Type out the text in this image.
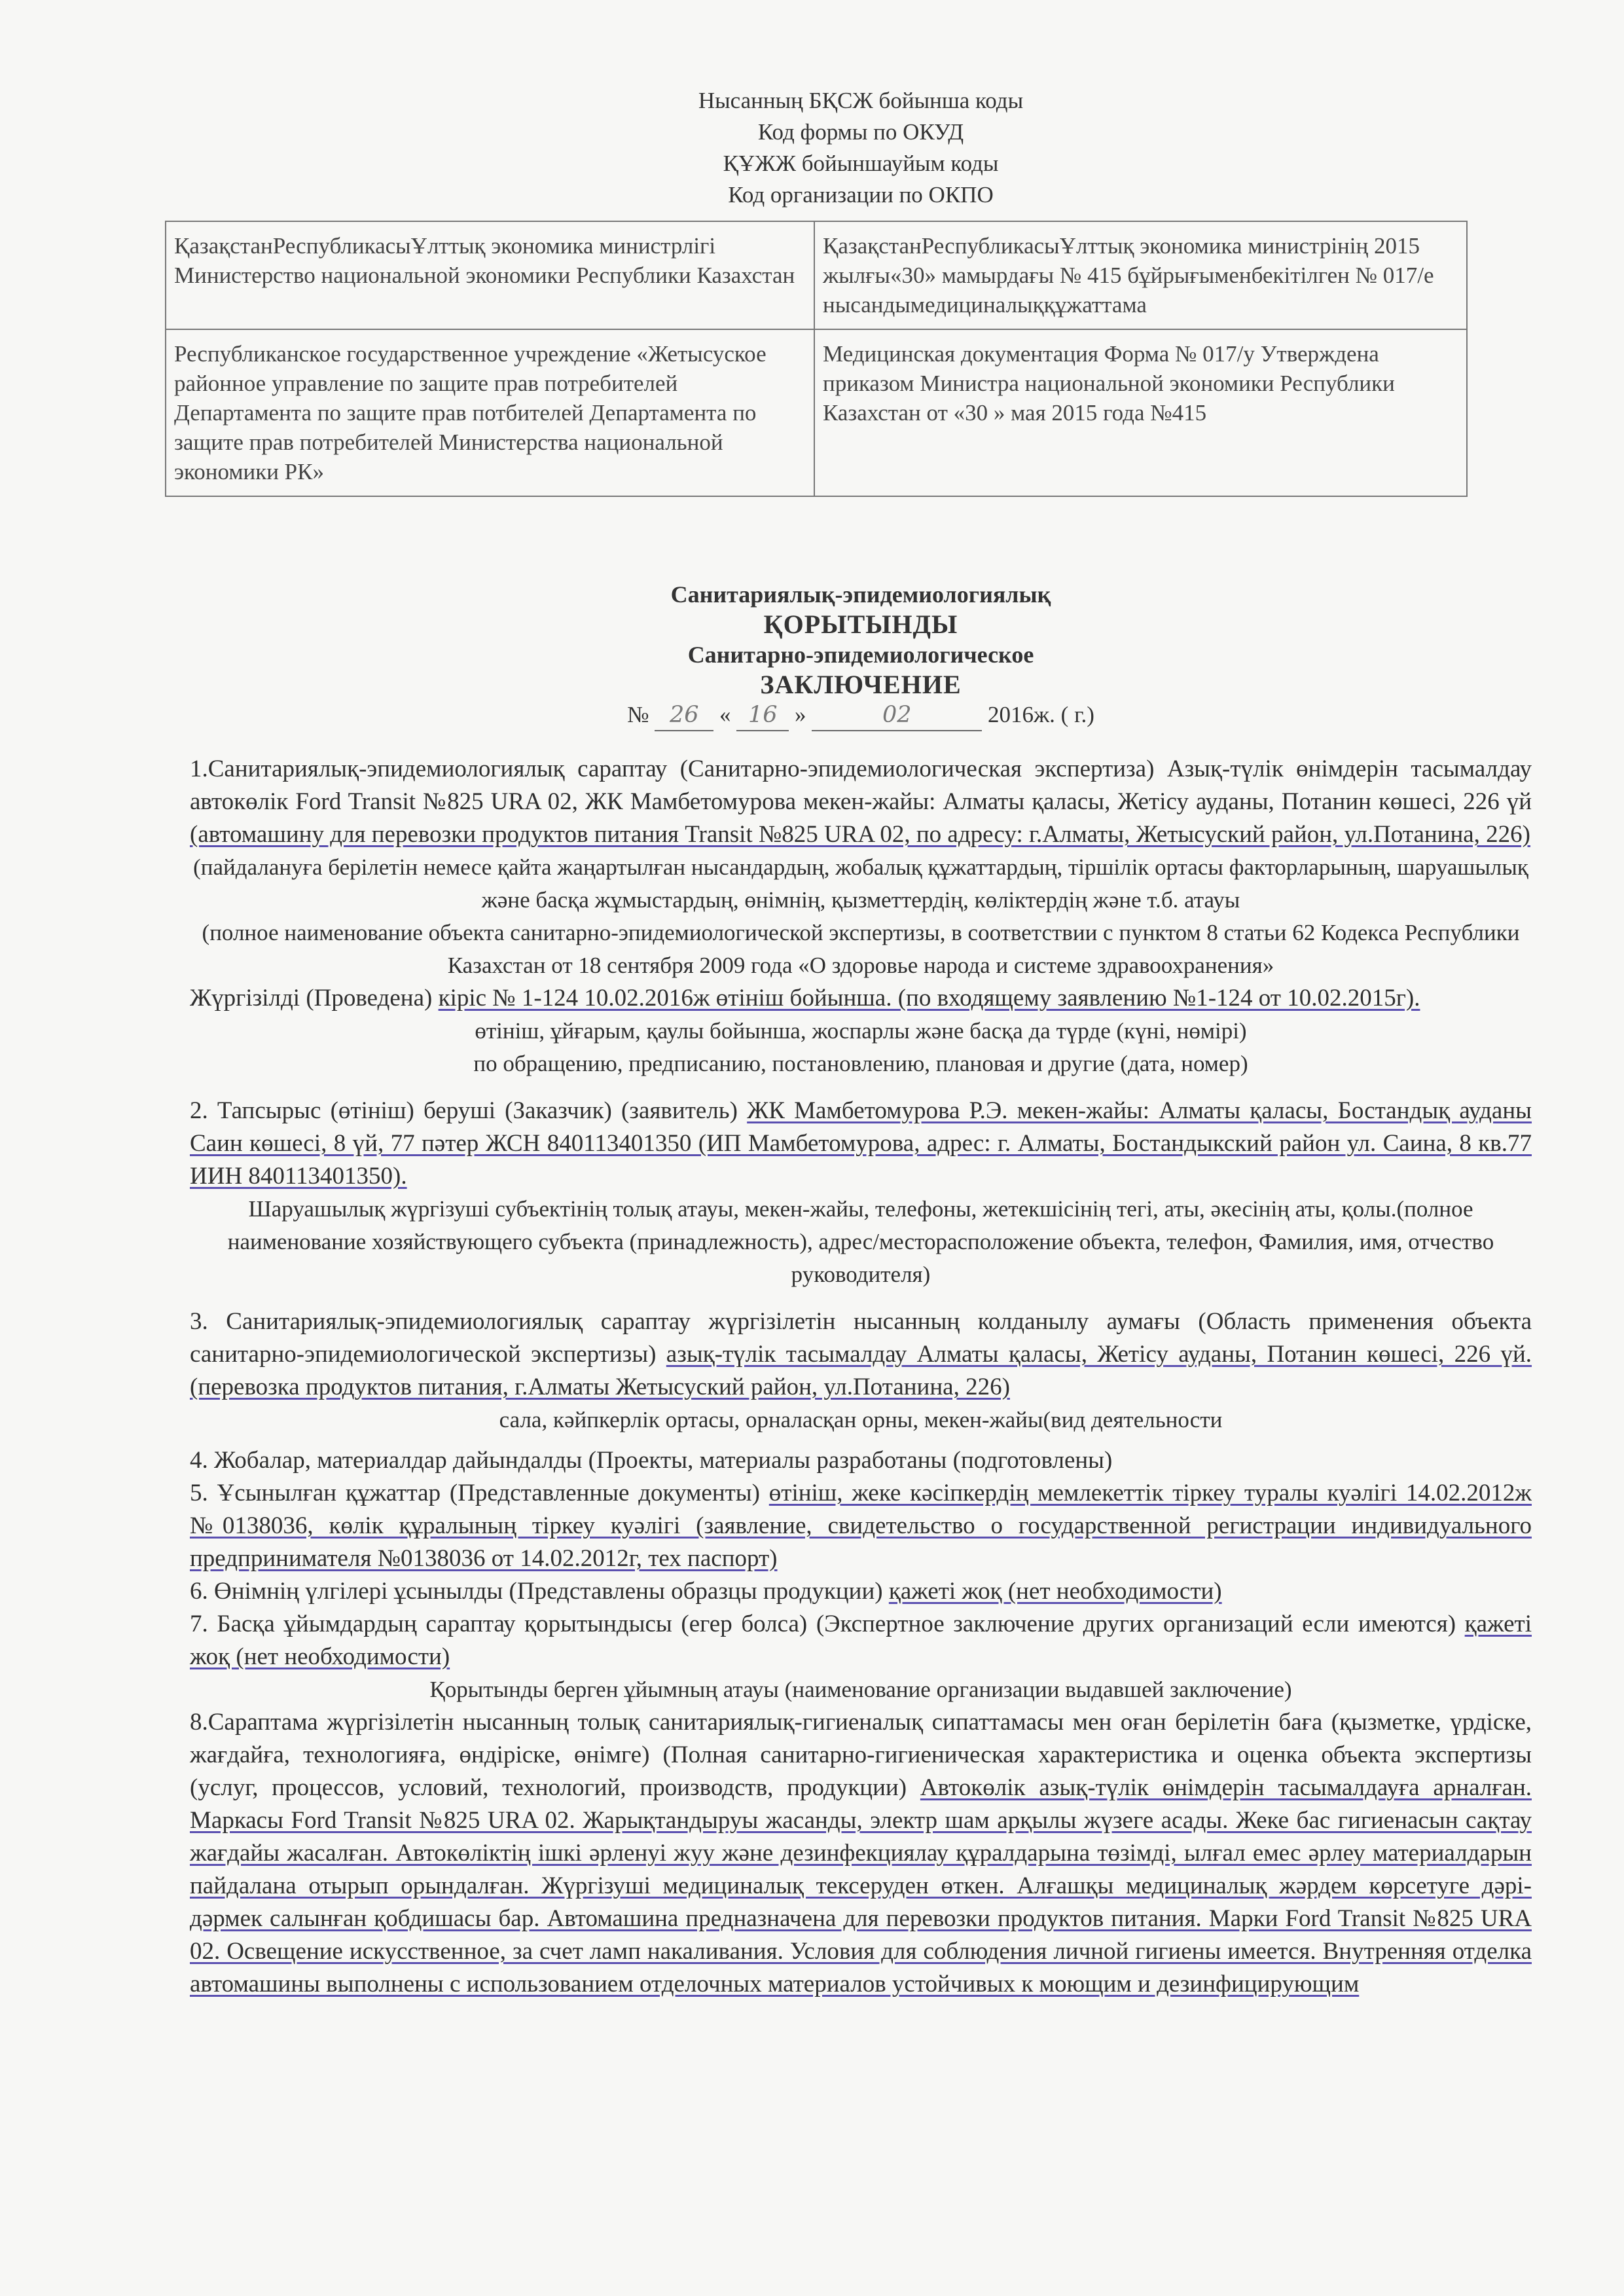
Нысанның БҚСЖ бойынша коды
Код формы по ОКУД
ҚҰЖЖ бойыншауйым коды
Код организации по ОКПО
ҚазақстанРеспубликасыҰлттық экономика министрлігі Министерство национальной экономики Республики Казахстан	ҚазақстанРеспубликасыҰлттық экономика министрінің 2015 жылғы«30» мамырдағы № 415 бұйрығыменбекітілген № 017/е нысандымедициналыққұжаттама
Республиканское государственное учреждение «Жетысуское районное управление по защите прав потребителей Департамента по защите прав потбителей Департамента по защите прав потребителей Министерства национальной экономики РК»	Медицинская документация Форма № 017/у Утверждена приказом Министра национальной экономики Республики Казахстан от «30 » мая 2015 года №415
Санитариялық-эпидемиологиялық
ҚОРЫТЫНДЫ
Санитарно-эпидемиологическое
ЗАКЛЮЧЕНИЕ
№ 26 « 16 »	02	2016ж. ( г.)

1.Санитариялық-эпидемиологиялық сараптау (Санитарно-эпидемиологическая экспертиза) Азық-түлік өнімдерін тасымалдау автокөлік Ford Transit №825 URA 02, ЖК Мамбетомурова мекен-жайы: Алматы қаласы, Жетісу ауданы, Потанин көшесі, 226 үй (автомашину для перевозки продуктов питания Transit №825 URA 02, по адресу: г.Алматы, Жетысуский район, ул.Потанина, 226)

(пайдалануға берілетін немесе қайта жаңартылған нысандардың, жобалық құжаттардың, тіршілік ортасы факторларының, шаруашылық және басқа жұмыстардың, өнімнің, қызметтердің, көліктердің және т.б. атауы

(полное наименование объекта санитарно-эпидемиологической экспертизы, в соответствии с пунктом 8 статьи 62 Кодекса Республики Казахстан от 18 сентября 2009 года «О здоровье народа и системе здравоохранения»

Жүргізілді (Проведена) кіріс № 1-124 10.02.2016ж өтініш бойынша. (по входящему заявлению №1-124 от 10.02.2015г).

өтініш, ұйғарым, қаулы бойынша, жоспарлы және басқа да түрде (күні, нөмірі)

по обращению, предписанию, постановлению, плановая и другие (дата, номер)

2. Тапсырыс (өтініш) беруші (Заказчик) (заявитель) ЖК Мамбетомурова Р.Э. мекен-жайы: Алматы қаласы, Бостандық ауданы Саин көшесі, 8 үй, 77 пәтер ЖСН 840113401350 (ИП Мамбетомурова, адрес: г. Алматы, Бостандыкский район ул. Саина, 8 кв.77 ИИН 840113401350).

Шаруашылық жүргізуші субъектінің толық атауы, мекен-жайы, телефоны, жетекшісінің тегі, аты, әкесінің аты, қолы.(полное наименование хозяйствующего субъекта (принадлежность), адрес/месторасположение объекта, телефон, Фамилия, имя, отчество руководителя)

3. Санитариялық-эпидемиологиялық сараптау жүргізілетін нысанның колданылу аумағы (Область применения объекта санитарно-эпидемиологической экспертизы) азық-түлік тасымалдау Алматы қаласы, Жетісу ауданы, Потанин көшесі, 226 үй. (перевозка продуктов питания, г.Алматы Жетысуский район, ул.Потанина, 226)

сала, кәйпкерлік ортасы, орналасқан орны, мекен-жайы(вид деятельности

4. Жобалар, материалдар дайындалды (Проекты, материалы разработаны (подготовлены)

5. Ұсынылған құжаттар (Представленные документы) өтініш, жеке кәсіпкердің мемлекеттік тіркеу туралы куәлігі 14.02.2012ж №0138036, көлік құралының тіркеу куәлігі (заявление, свидетельство о государственной регистрации индивидуального предпринимателя №0138036 от 14.02.2012г, тех паспорт)

6. Өнімнің үлгілері ұсынылды (Представлены образцы продукции) қажеті жоқ (нет необходимости)

7. Басқа ұйымдардың сараптау қорытындысы (егер болса) (Экспертное заключение других организаций если имеются) қажеті жоқ (нет необходимости)

Қорытынды берген ұйымның атауы (наименование организации выдавшей заключение)

8.Сараптама жүргізілетін нысанның толық санитариялық-гигиеналық сипаттамасы мен оған берілетін баға (қызметке, үрдіске, жағдайға, технологияға, өндіріске, өнімге) (Полная санитарно-гигиеническая характеристика и оценка объекта экспертизы (услуг, процессов, условий, технологий, производств, продукции) Автокөлік азық-түлік өнімдерін тасымалдауға арналған. Маркасы Ford Transit №825 URA 02. Жарықтандыруы жасанды, электр шам арқылы жүзеге асады. Жеке бас гигиенасын сақтау жағдайы жасалған. Автокөліктің ішкі әрленуі жуу және дезинфекциялау құралдарына төзімді, ылғал емес әрлеу материалдарын пайдалана отырып орындалған. Жүргізуші медициналық тексеруден өткен. Алғашқы медициналық жәрдем көрсетуге дәрі-дәрмек салынған қобдишасы бар. Автомашина предназначена для перевозки продуктов питания. Марки Ford Transit №825 URA 02. Освещение искусственное, за счет ламп накаливания. Условия для соблюдения личной гигиены имеется. Внутренняя отделка автомашины выполнены с использованием отделочных материалов устойчивых к моющим и дезинфицирующим
